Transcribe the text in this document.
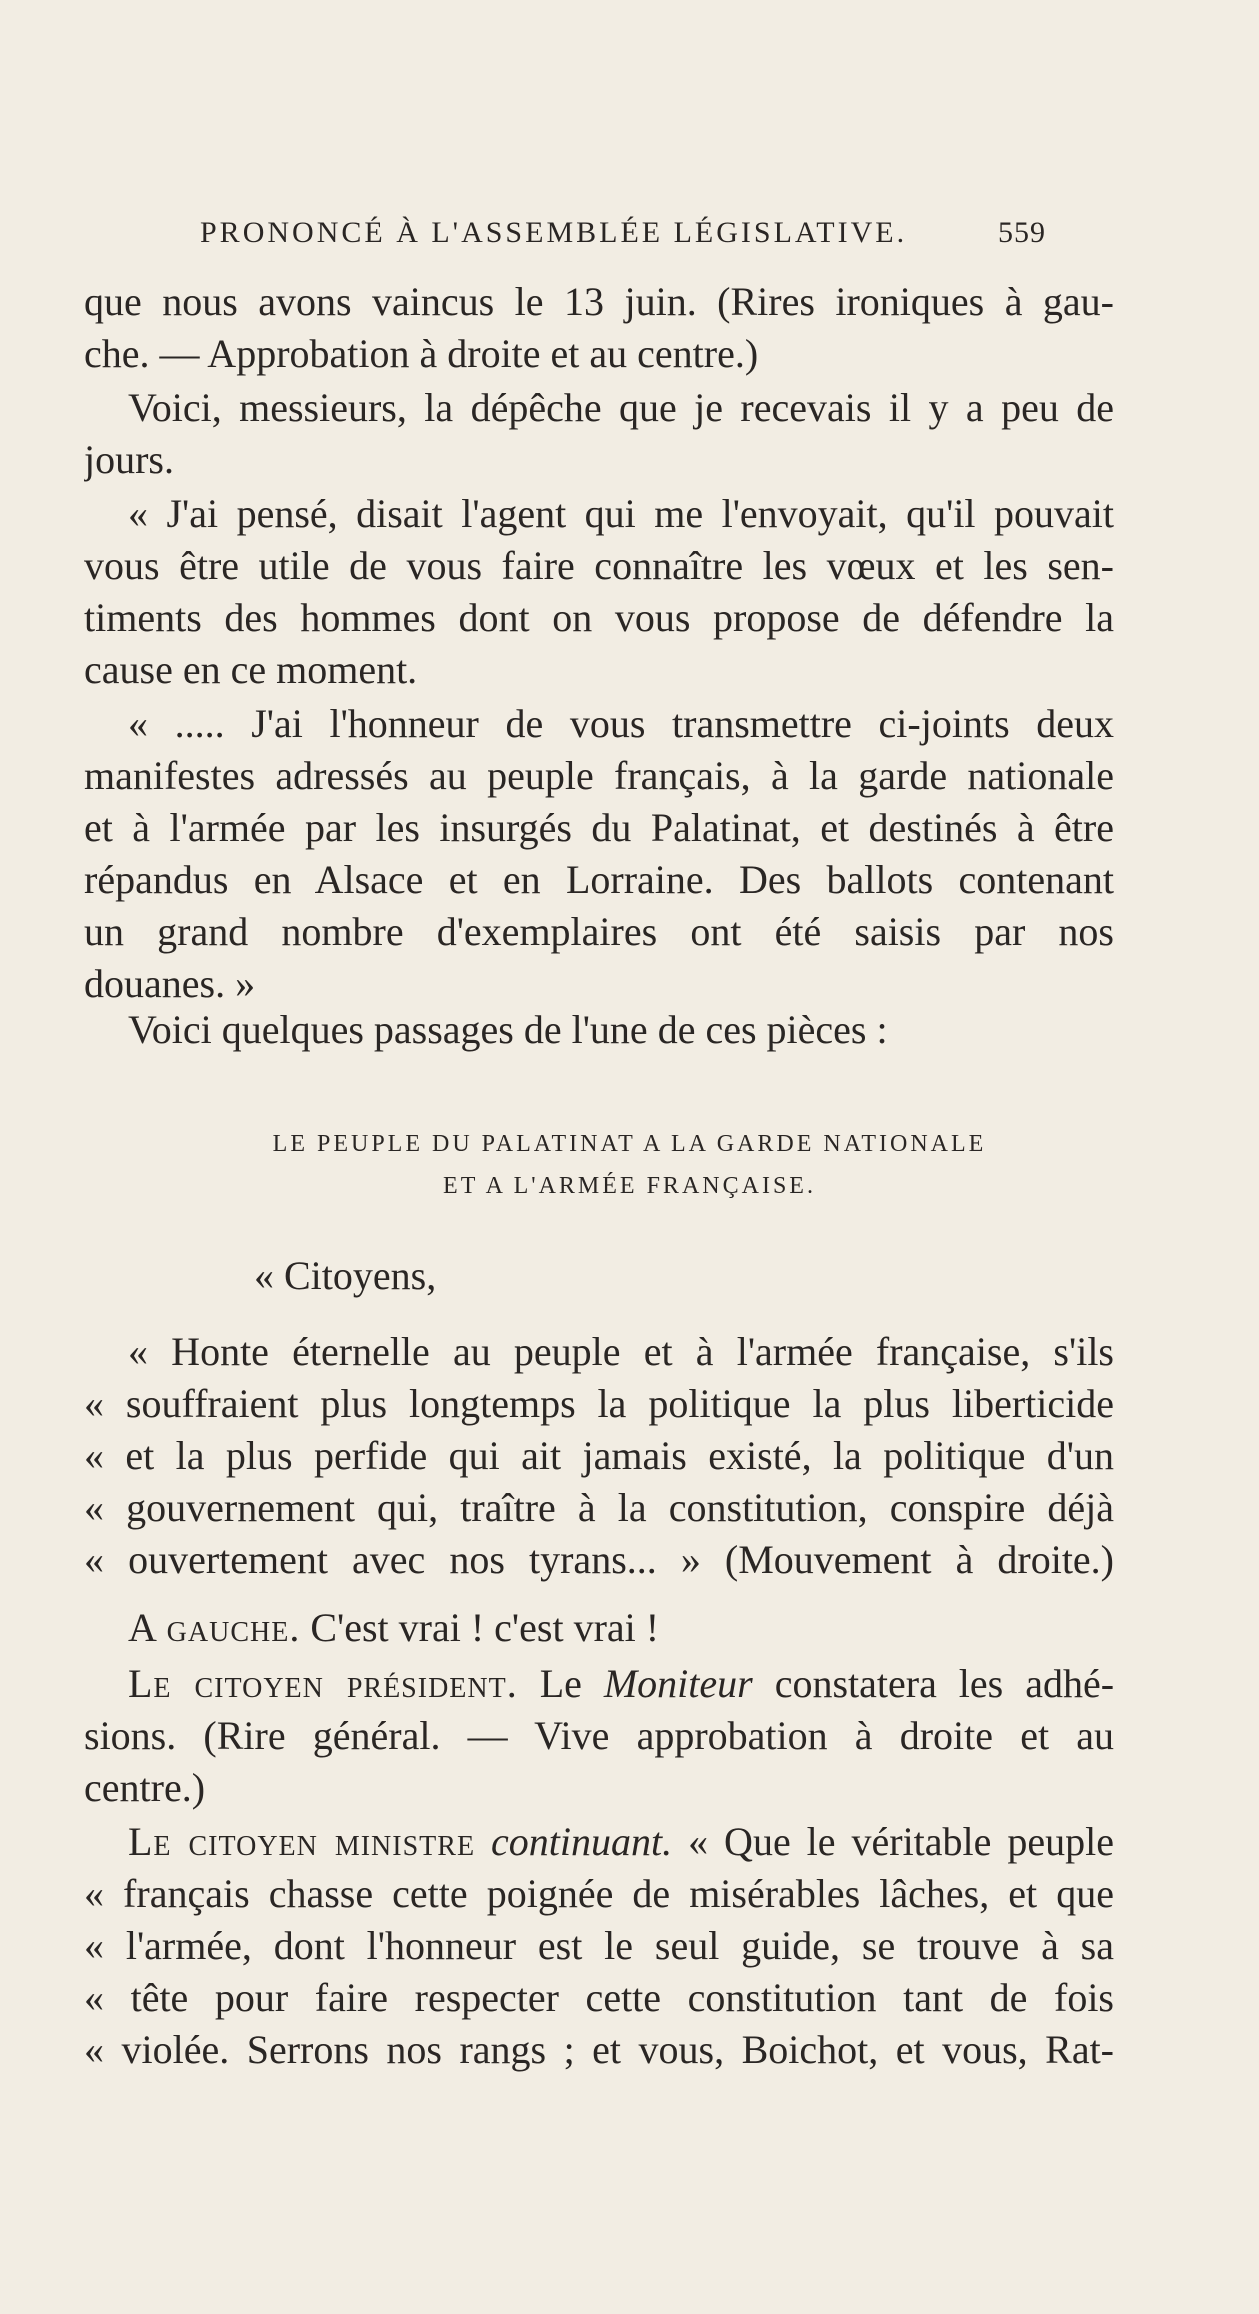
PRONONCÉ À L'ASSEMBLÉE LÉGISLATIVE.	559
que nous avons vaincus le 13 juin. (Rires ironiques à gau-
che. — Approbation à droite et au centre.)
Voici, messieurs, la dépêche que je recevais il y a peu de
jours.
« J'ai pensé, disait l'agent qui me l'envoyait, qu'il pouvait
vous être utile de vous faire connaître les vœux et les sen-
timents des hommes dont on vous propose de défendre la
cause en ce moment.
« ..... J'ai l'honneur de vous transmettre ci-joints deux
manifestes adressés au peuple français, à la garde nationale
et à l'armée par les insurgés du Palatinat, et destinés à être
répandus en Alsace et en Lorraine. Des ballots contenant
un grand nombre d'exemplaires ont été saisis par nos
douanes. »
Voici quelques passages de l'une de ces pièces :
LE PEUPLE DU PALATINAT A LA GARDE NATIONALE
ET A L'ARMÉE FRANÇAISE.
« Citoyens,
« Honte éternelle au peuple et à l'armée française, s'ils
« souffraient plus longtemps la politique la plus liberticide
« et la plus perfide qui ait jamais existé, la politique d'un
« gouvernement qui, traître à la constitution, conspire déjà
« ouvertement avec nos tyrans... » (Mouvement à droite.)
A gauche. C'est vrai ! c'est vrai !
Le citoyen président. Le Moniteur constatera les adhé-
sions. (Rire général. — Vive approbation à droite et au
centre.)
Le citoyen ministre continuant. « Que le véritable peuple
« français chasse cette poignée de misérables lâches, et que
« l'armée, dont l'honneur est le seul guide, se trouve à sa
« tête pour faire respecter cette constitution tant de fois
« violée. Serrons nos rangs ; et vous, Boichot, et vous, Rat-
